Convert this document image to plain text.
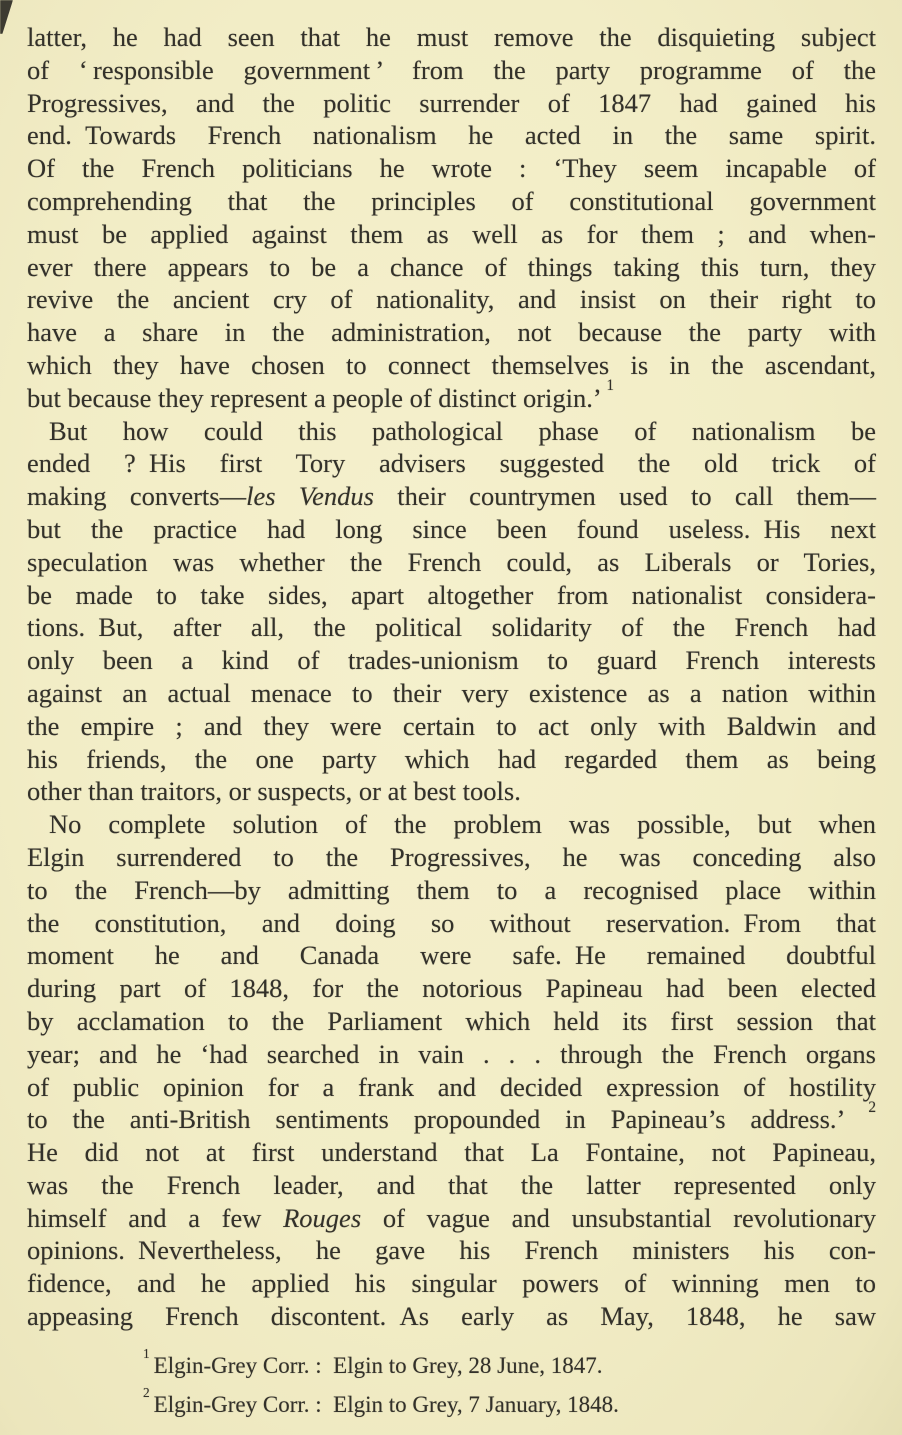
latter, he had seen that he must remove the disquieting subject
of ‘ responsible government ’ from the party programme of the
Progressives, and the politic surrender of 1847 had gained his
end. Towards French nationalism he acted in the same spirit.
Of the French politicians he wrote : ‘They seem incapable of
comprehending that the principles of constitutional government
must be applied against them as well as for them ; and when-
ever there appears to be a chance of things taking this turn, they
revive the ancient cry of nationality, and insist on their right to
have a share in the administration, not because the party with
which they have chosen to connect themselves is in the ascendant,
but because they represent a people of distinct origin.’ $^1$
But how could this pathological phase of nationalism be
ended ? His first Tory advisers suggested the old trick of
making converts—les Vendus their countrymen used to call them—
but the practice had long since been found useless. His next
speculation was whether the French could, as Liberals or Tories,
be made to take sides, apart altogether from nationalist considera-
tions. But, after all, the political solidarity of the French had
only been a kind of trades-unionism to guard French interests
against an actual menace to their very existence as a nation within
the empire ; and they were certain to act only with Baldwin and
his friends, the one party which had regarded them as being
other than traitors, or suspects, or at best tools.
No complete solution of the problem was possible, but when
Elgin surrendered to the Progressives, he was conceding also
to the French—by admitting them to a recognised place within
the constitution, and doing so without reservation. From that
moment he and Canada were safe. He remained doubtful
during part of 1848, for the notorious Papineau had been elected
by acclamation to the Parliament which held its first session that
year; and he ‘had searched in vain . . . through the French organs
of public opinion for a frank and decided expression of hostility
to the anti-British sentiments propounded in Papineau’s address.’ $^2$
He did not at first understand that La Fontaine, not Papineau,
was the French leader, and that the latter represented only
himself and a few Rouges of vague and unsubstantial revolutionary
opinions. Nevertheless, he gave his French ministers his con-
fidence, and he applied his singular powers of winning men to
appeasing French discontent. As early as May, 1848, he saw
$^1$ Elgin-Grey Corr. : Elgin to Grey, 28 June, 1847.
$^2$ Elgin-Grey Corr. : Elgin to Grey, 7 January, 1848.
